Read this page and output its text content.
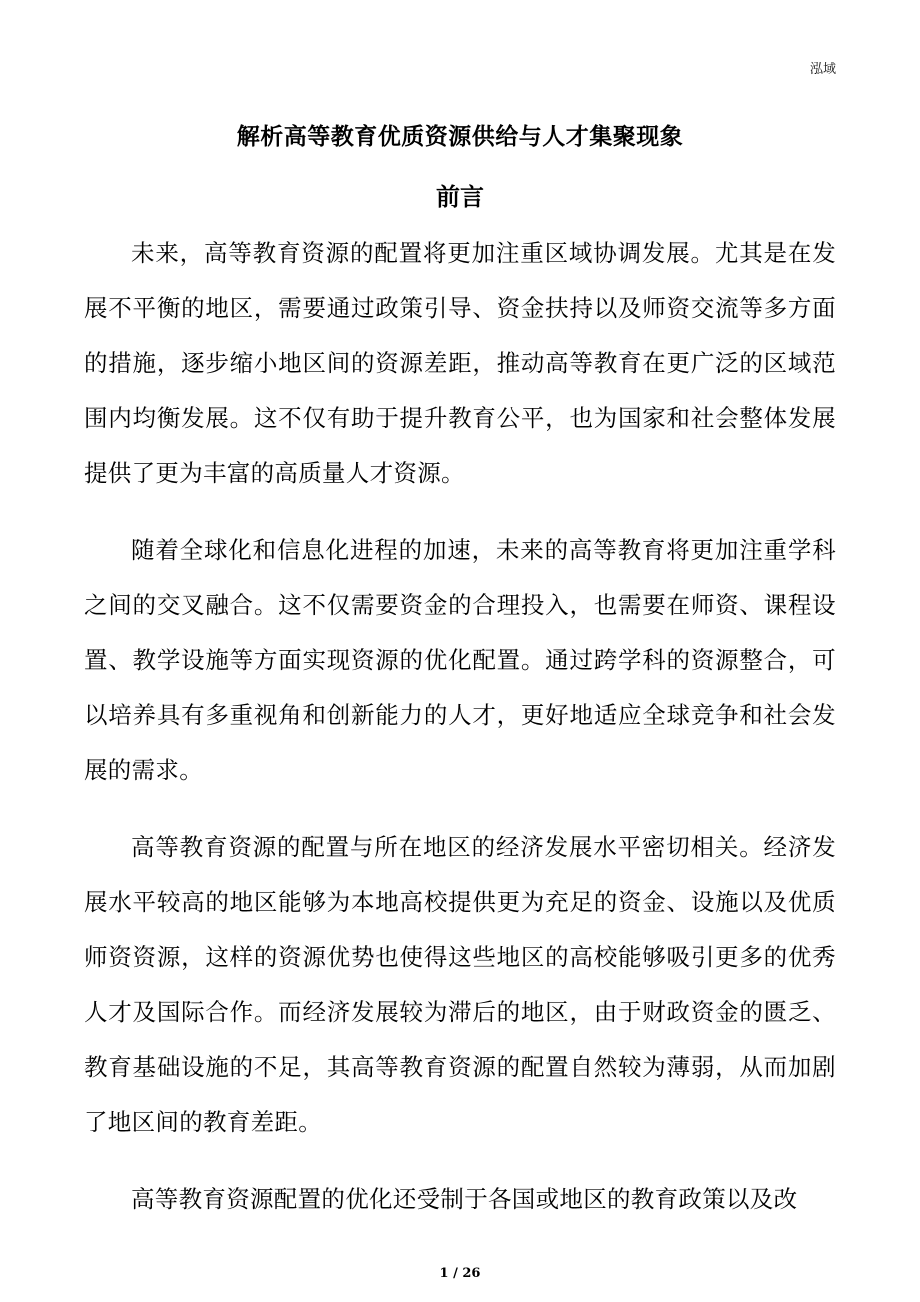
泓域
解析高等教育优质资源供给与人才集聚现象
前言

未来，高等教育资源的配置将更加注重区域协调发展。尤其是在发展不平衡的地区，需要通过政策引导、资金扶持以及师资交流等多方面的措施，逐步缩小地区间的资源差距，推动高等教育在更广泛的区域范围内均衡发展。这不仅有助于提升教育公平，也为国家和社会整体发展提供了更为丰富的高质量人才资源。

随着全球化和信息化进程的加速，未来的高等教育将更加注重学科之间的交叉融合。这不仅需要资金的合理投入，也需要在师资、课程设置、教学设施等方面实现资源的优化配置。通过跨学科的资源整合，可以培养具有多重视角和创新能力的人才，更好地适应全球竞争和社会发展的需求。

高等教育资源的配置与所在地区的经济发展水平密切相关。经济发展水平较高的地区能够为本地高校提供更为充足的资金、设施以及优质师资资源，这样的资源优势也使得这些地区的高校能够吸引更多的优秀人才及国际合作。而经济发展较为滞后的地区，由于财政资金的匮乏、教育基础设施的不足，其高等教育资源的配置自然较为薄弱，从而加剧了地区间的教育差距。

高等教育资源配置的优化还受制于各国或地区的教育政策以及改

1 / 26
